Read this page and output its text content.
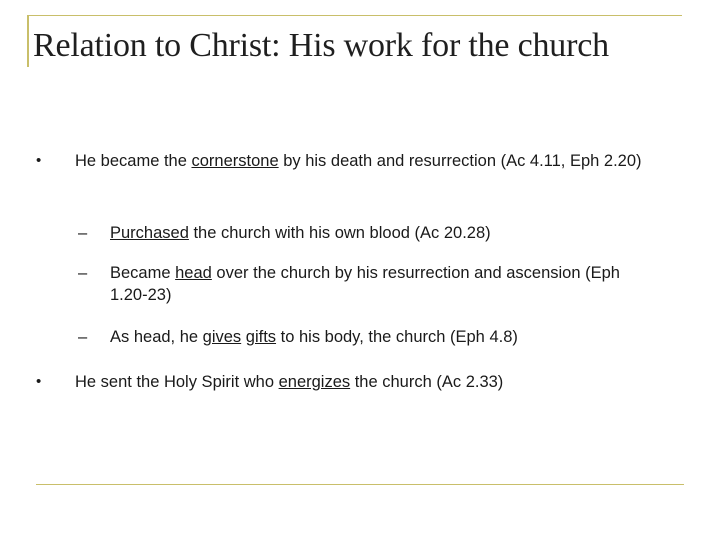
Relation to Christ: His work for the church
• He became the cornerstone by his death and resurrection (Ac 4.11, Eph 2.20)
– Purchased the church with his own blood (Ac 20.28)
– Became head over the church by his resurrection and ascension (Eph 1.20-23)
– As head, he gives gifts to his body, the church (Eph 4.8)
• He sent the Holy Spirit who energizes the church (Ac 2.33)
